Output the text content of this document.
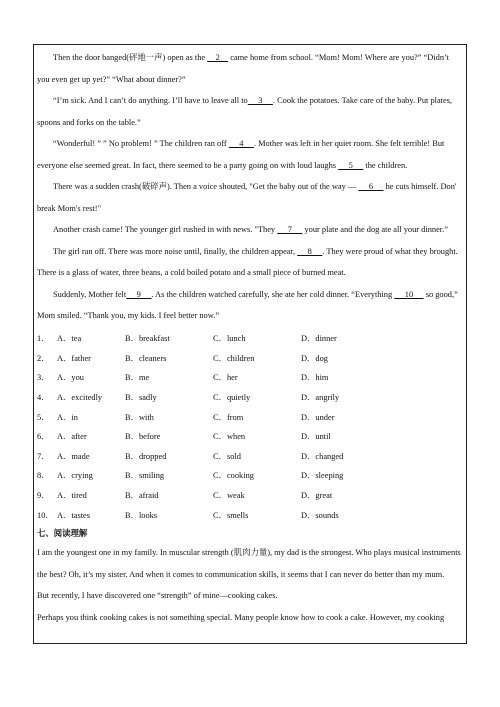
Then the door banged(砰地一声) open as the     2     came home from school. “Mom! Mom! Where are you?” “Didn’t you even get up yet?” “What about dinner?”

“I’m sick. And I can’t do anything. I’ll have to leave all to     3     . Cook the potatoes. Take care of the baby. Put plates, spoons and forks on the table.”

“Wonderful! ” ” No problem! ” The children ran off      4     . Mother was left in her quiet room. She felt terrible! But everyone else seemed great. In fact, there seemed to be a party going on with loud laughs      5      the children.

There was a sudden crash(破碎声). Then a voice shouted, "Get the baby out of the way —      6      he cuts himself. Don' break Mom's rest!"

Another crash came! The younger girl rushed in with news. "They      7      your plate and the dog ate all your dinner.”

The girl ran off. There was more noise until, finally, the children appear,      8     . They were proud of what they brought. There is a glass of water, three beans, a cold boiled potato and a small piece of burned meat.

Suddenly, Mother felt     9     . As the children watched carefully, she ate her cold dinner. “Everything      10      so good,” Mom smiled. “Thank you, my kids. I feel better now.”

1． A．tea	B．breakfast	C．lunch	D．dinner
2． A．father	B．cleaners	C．children	D．dog
3． A．you	B．me	C．her	D．him
4． A．excitedly	B．sadly	C．quietly	D．angrily
5． A．in	B．with	C．from	D．under
6． A．after	B．before	C．when	D．until
7． A．made	B．dropped	C．sold	D．changed
8． A．crying	B．smiling	C．cooking	D．sleeping
9． A．tired	B．afraid	C．weak	D．great
10． A．tastes	B．looks	C．smells	D．sounds
七、阅读理解

I am the youngest one in my family. In muscular strength (肌肉力量), my dad is the strongest. Who plays musical instruments the best? Oh, it’s my sister. And when it comes to communication skills, it seems that I can never do better than my mum.

But recently, I have discovered one “strength” of mine—cooking cakes.

Perhaps you think cooking cakes is not something special. Many people know how to cook a cake. However, my cooking
